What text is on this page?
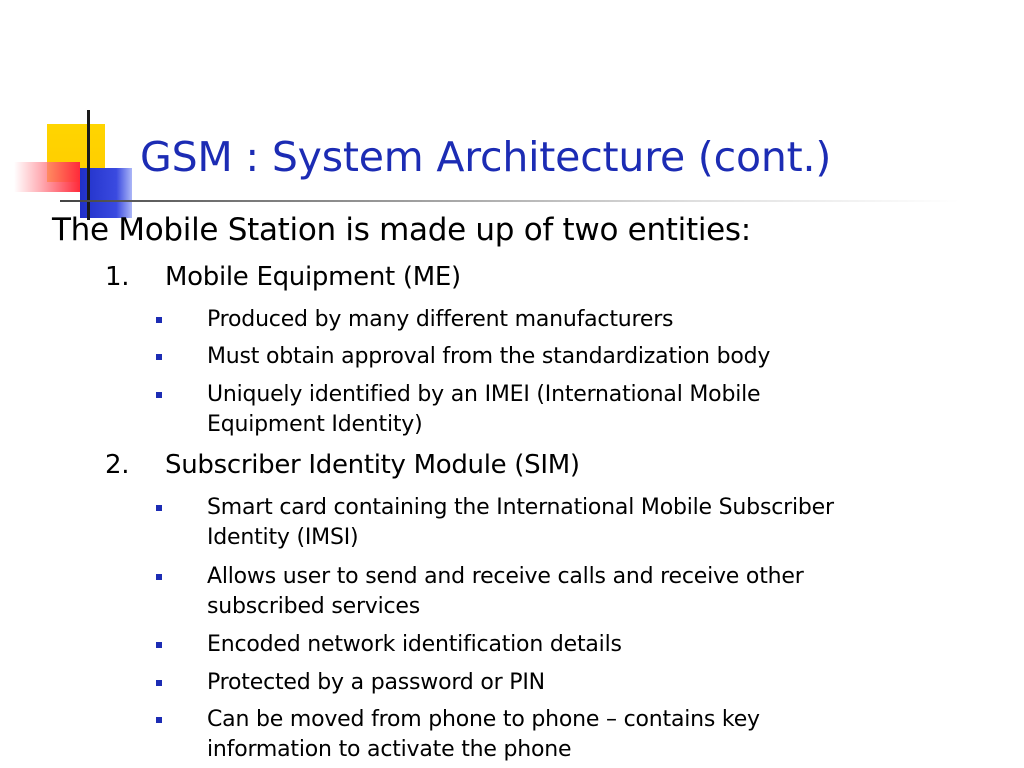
GSM : System Architecture (cont.)
The Mobile Station is made up of two entities:
1. Mobile Equipment (ME)
Produced by many different manufacturers
Must obtain approval from the standardization body
Uniquely identified by an IMEI (International Mobile
Equipment Identity)
2. Subscriber Identity Module (SIM)
Smart card containing the International Mobile Subscriber
Identity (IMSI)
Allows user to send and receive calls and receive other
subscribed services
Encoded network identification details
Protected by a password or PIN
Can be moved from phone to phone – contains key
information to activate the phone
